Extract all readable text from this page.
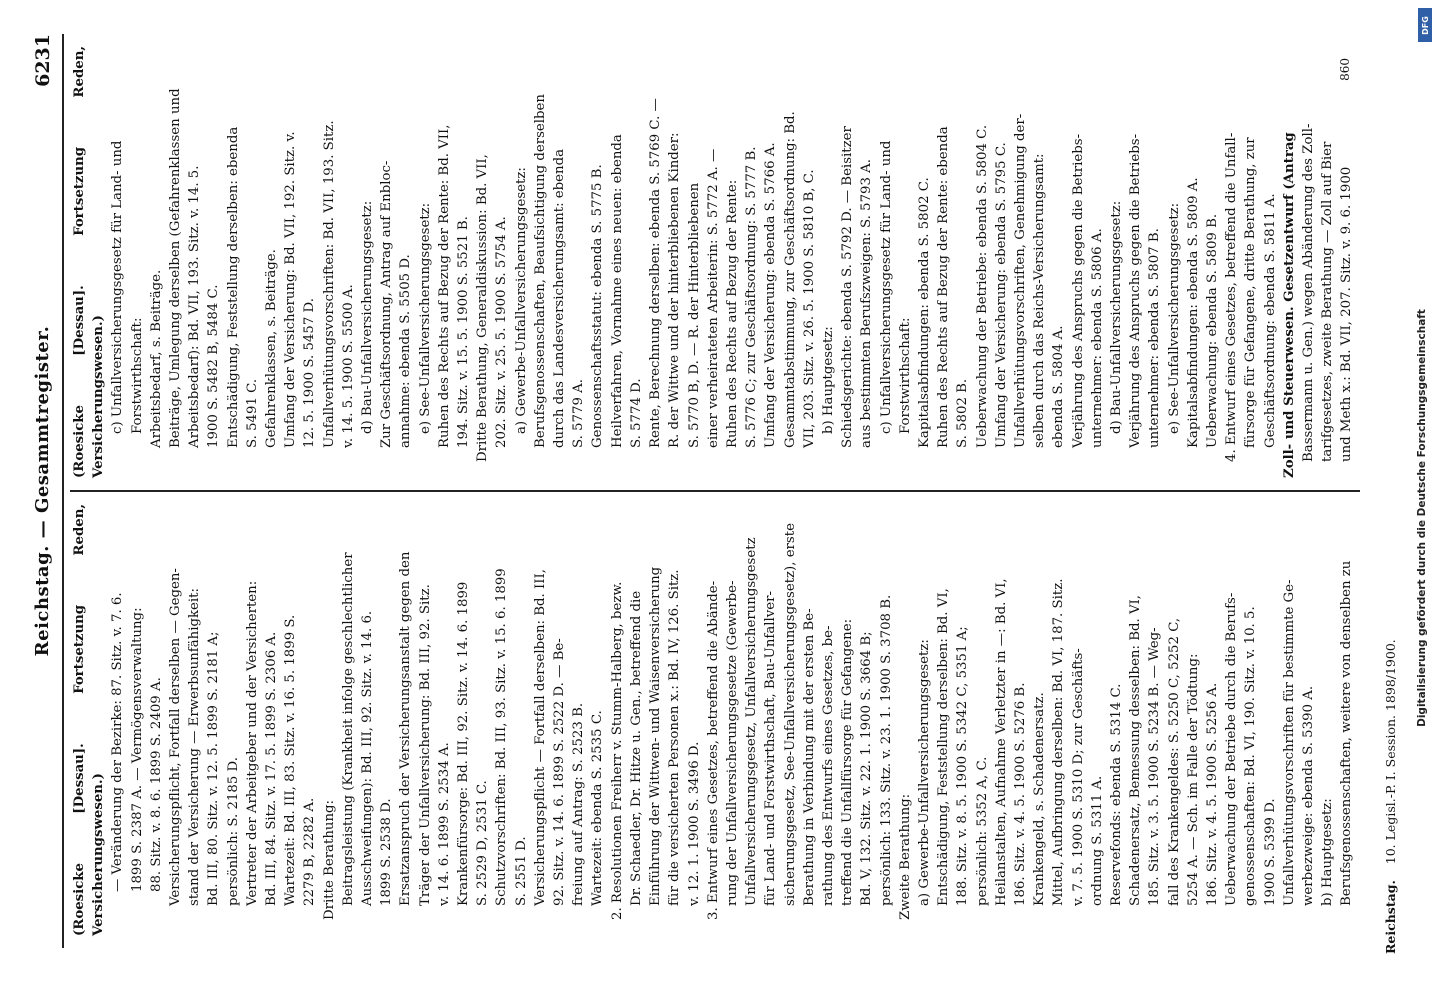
Reichstag. — Gesammtregister.
6231
(Roesicke [Dessau]. Fortsetzung Reden, Versicherungswesen.) — Veränderung der Bezirke: 87. Sitz. v. 7. 6. 1899 S. 2387 A. — Vermögensverwaltung: 88. Sitz. v. 8. 6. 1899 S. 2409 A. Versicherungspflicht, Fortfall derselben — Gegen- stand der Versicherung — Erwerbsunfähigkeit: Bd. III, 80. Sitz. v. 12. 5. 1899 S. 2181 A; persönlich: S. 2185 D. Vertreter der Arbeitgeber und der Versicherten: Bd. III, 84. Sitz. v. 17. 5. 1899 S. 2306 A. Wartezeit: Bd. III, 83. Sitz. v. 16. 5. 1899 S. 2279 B, 2282 A. Dritte Berathung: Beitragsleistung (Krankheit infolge geschlechtlicher Ausschweifungen): Bd. III, 92. Sitz. v. 14. 6. 1899 S. 2538 D. Ersatzanspruch der Versicherungsanstalt gegen den Träger der Unfallversicherung: Bd. III, 92. Sitz. v. 14. 6. 1899 S. 2534 A. Krankenfürsorge: Bd. III, 92. Sitz. v. 14. 6. 1899 S. 2529 D, 2531 C. Schutzvorschriften: Bd. III, 93. Sitz. v. 15. 6. 1899 S. 2551 D. Versicherungspflicht — Fortfall derselben: Bd. III, 92. Sitz. v. 14. 6. 1899 S. 2522 D. — Be- freiung auf Antrag: S. 2523 B. Wartezeit: ebenda S. 2535 C. 2. Resolutionen Freiherr v. Stumm-Halberg, bezw. Dr. Schaedler, Dr. Hitze u. Gen., betreffend die Einführung der Wittwen- und Waisenversicherung für die versicherten Personen x.: Bd. IV, 126. Sitz. v. 12. 1. 1900 S. 3496 D. 3. Entwurf eines Gesetzes, betreffend die Abände- rung der Unfallversicherungsgesetze (Gewerbe- Unfallversicherungsgesetz, Unfallversicherungsgesetz für Land- und Forstwirthschaft, Bau-Unfallver- sicherungsgesetz, See-Unfallversicherungsgesetz), erste Berathung in Verbindung mit der ersten Be- rathung des Entwurfs eines Gesetzes, be- treffend die Unfallfürsorge für Gefangene: Bd. V, 132. Sitz. v. 22. 1. 1900 S. 3664 B; persönlich: 133. Sitz. v. 23. 1. 1900 S. 3708 B. Zweite Berathung: a) Gewerbe-Unfallversicherungsgesetz: Entschädigung, Feststellung derselben: Bd. VI, 188. Sitz. v. 8. 5. 1900 S. 5342 C, 5351 A; persönlich: 5352 A, C. Heilanstalten, Aufnahme Verletzter in —: Bd. VI, 186. Sitz. v. 4. 5. 1900 S. 5276 B. Krankengeld, s. Schadenersatz. Mittel, Aufbringung derselben: Bd. VI, 187. Sitz. v. 7. 5. 1900 S. 5310 D; zur Geschäfts- ordnung S. 5311 A. Reservefonds: ebenda S. 5314 C. Schadenersatz, Bemessung desselben: Bd. VI, 185. Sitz. v. 3. 5. 1900 S. 5234 B. — Weg- fall des Krankengeldes: S. 5250 C, 5252 C, 5254 A. — Sch. im Falle der Tödtung: 186. Sitz. v. 4. 5. 1900 S. 5256 A. Ueberwachung der Betriebe durch die Berufs- genossenschaften: Bd. VI, 190. Sitz. v. 10. 5. 1900 S. 5399 D. Unfallverhütungsvorschriften für bestimmte Ge- werbezweige: ebenda S. 5390 A. b) Hauptgesetz: Berufsgenossenschaften, weitere von denselben zu
(Roesicke [Dessau]. Fortsetzung Reden, Versicherungswesen.) c) Unfallversicherungsgesetz für Land- und Forstwirthschaft: Arbeitsbedarf, s. Beiträge. Beiträge, Umlegung derselben (Gefahrenklassen und Arbeitsbedarf): Bd. VII, 193. Sitz. v. 14. 5. 1900 S. 5482 B, 5484 C. Entschädigung, Feststellung derselben: ebenda S. 5491 C. Gefahrenklassen, s. Beiträge. Umfang der Versicherung: Bd. VII, 192. Sitz. v. 12. 5. 1900 S. 5457 D. Unfallverhütungsvorschriften: Bd. VII, 193. Sitz. v. 14. 5. 1900 S. 5500 A. d) Bau-Unfallversicherungsgesetz: Zur Geschäftsordnung, Antrag auf Enbloc- annahme: ebenda S. 5505 D. e) See-Unfallversicherungsgesetz: Ruhen des Rechts auf Bezug der Rente: Bd. VII, 194. Sitz. v. 15. 5. 1900 S. 5521 B. Dritte Berathung, Generaldiskussion: Bd. VII, 202. Sitz. v. 25. 5. 1900 S. 5754 A. a) Gewerbe-Unfallversicherungsgesetz: Berufsgenossenschaften, Beaufsichtigung derselben durch das Landesversicherungsamt: ebenda S. 5779 A. Genossenschaftsstatut: ebenda S. 5775 B. Heilverfahren, Vornahme eines neuen: ebenda S. 5774 D. Rente, Berechnung derselben: ebenda S. 5769 C. — R. der Wittwe und der hinterbliebenen Kinder: S. 5770 B, D. — R. der Hinterbliebenen einer verheirateten Arbeiterin: S. 5772 A. — Ruhen des Rechts auf Bezug der Rente: S. 5776 C; zur Geschäftsordnung: S. 5777 B. Umfang der Versicherung: ebenda S. 5766 A. Gesammtabstimmung, zur Geschäftsordnung: Bd. VII, 203. Sitz. v. 26. 5. 1900 S. 5810 B, C. b) Hauptgesetz: Schiedsgerichte: ebenda S. 5792 D. — Beisitzer aus bestimmten Berufszweigen: S. 5793 A. c) Unfallversicherungsgesetz für Land- und Forstwirthschaft: Kapitalsabfindungen: ebenda S. 5802 C. Ruhen des Rechts auf Bezug der Rente: ebenda S. 5802 B. Ueberwachung der Betriebe: ebenda S. 5804 C. Umfang der Versicherung: ebenda S. 5795 C. Unfallverhütungsvorschriften, Genehmigung der- selben durch das Reichs-Versicherungsamt: ebenda S. 5804 A. Verjährung des Anspruchs gegen die Betriebs- unternehmer: ebenda S. 5806 A. d) Bau-Unfallversicherungsgesetz: Verjährung des Anspruchs gegen die Betriebs- unternehmer: ebenda S. 5807 B. e) See-Unfallversicherungsgesetz: Kapitalsabfindungen: ebenda S. 5809 A. Ueberwachung: ebenda S. 5809 B. 4. Entwurf eines Gesetzes, betreffend die Unfall- fürsorge für Gefangene, dritte Berathung, zur Geschäftsordnung: ebenda S. 5811 A. Zoll- und Steuerwesen. Gesetzentwurf (Antrag Bassermann u. Gen.) wegen Abänderung des Zoll- tarifgesetzes, zweite Berathung — Zoll auf Bier und Meth x.: Bd. VII, 207. Sitz. v. 9. 6. 1900
860
Reichstag. 10. Legisl.-P. I. Session. 1898/1900.
DFG
Digitalisierung gefördert durch die Deutsche Forschungsgemeinschaft
